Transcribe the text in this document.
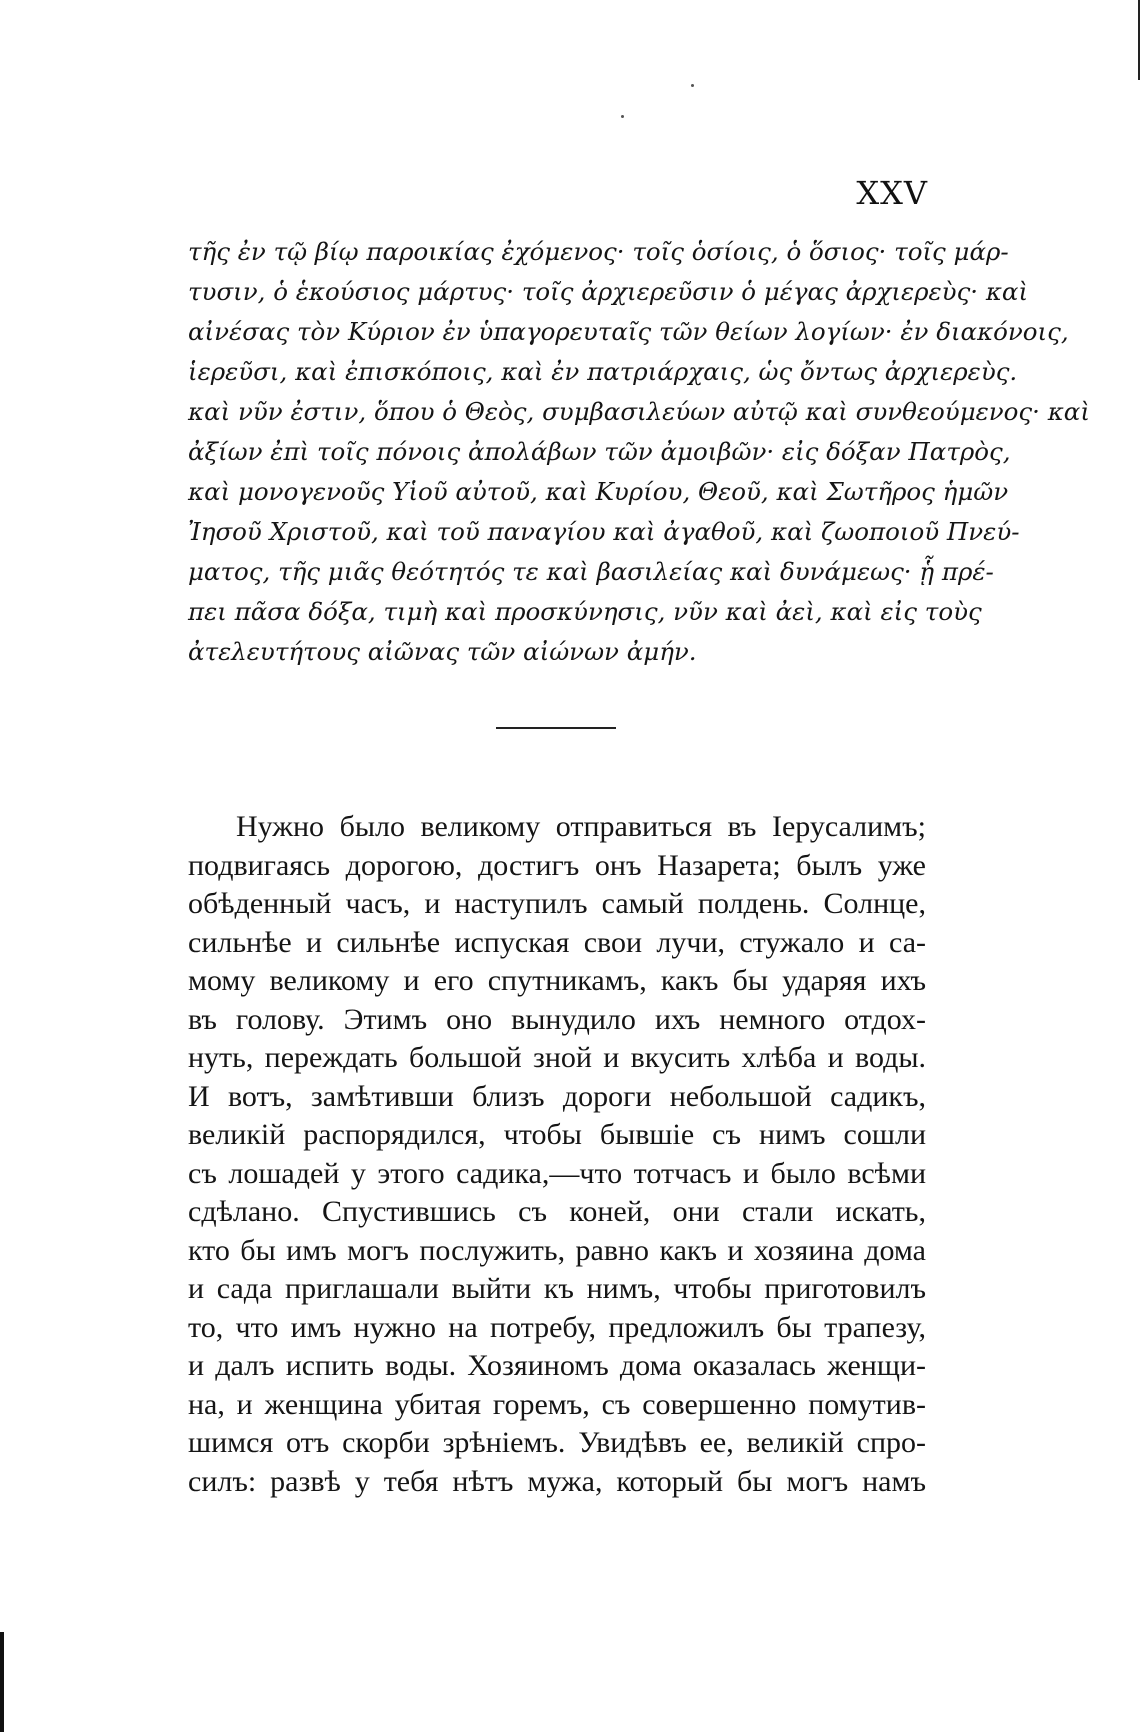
XXV
τῆς ἐν τῷ βίῳ παροικίας ἐχόμενος· τοῖς ὁσίοις, ὁ ὅσιος· τοῖς μάρ-
τυσιν, ὁ ἑκούσιος μάρτυς· τοῖς ἀρχιερεῦσιν ὁ μέγας ἀρχιερεὺς· καὶ
αἰνέσας τὸν Κύριον ἐν ὑπαγορευταῖς τῶν θείων λογίων· ἐν διακόνοις,
ἱερεῦσι, καὶ ἐπισκόποις, καὶ ἐν πατριάρχαις, ὡς ὄντως ἀρχιερεὺς.
καὶ νῦν ἐστιν, ὅπου ὁ Θεὸς, συμβασιλεύων αὐτῷ καὶ συνθεούμενος· καὶ
ἀξίων ἐπὶ τοῖς πόνοις ἀπολάβων τῶν ἀμοιβῶν· εἰς δόξαν Πατρὸς,
καὶ μονογενοῦς Υἱοῦ αὐτοῦ, καὶ Κυρίου, Θεοῦ, καὶ Σωτῆρος ἡμῶν
Ἰησοῦ Χριστοῦ, καὶ τοῦ παναγίου καὶ ἀγαθοῦ, καὶ ζωοποιοῦ Πνεύ-
ματος, τῆς μιᾶς θεότητός τε καὶ βασιλείας καὶ δυνάμεως· ᾗ πρέ-
πει πᾶσα δόξα, τιμὴ καὶ προσκύνησις, νῦν καὶ ἀεὶ, καὶ εἰς τοὺς
ἀτελευτήτους αἰῶνας τῶν αἰώνων ἀμήν.
Нужно было великому отправиться въ Іерусалимъ;
подвигаясь дорогою, достигъ онъ Назарета; былъ уже
обѣденный часъ, и наступилъ самый полдень. Солнце,
сильнѣе и сильнѣе испуская свои лучи, стужало и са-
мому великому и его спутникамъ, какъ бы ударяя ихъ
въ голову. Этимъ оно вынудило ихъ немного отдох-
нуть, переждать большой зной и вкусить хлѣба и воды.
И вотъ, замѣтивши близъ дороги небольшой садикъ,
великій распорядился, чтобы бывшіе съ нимъ сошли
съ лошадей у этого садика,—что тотчасъ и было всѣми
сдѣлано. Спустившись съ коней, они стали искать,
кто бы имъ могъ послужить, равно какъ и хозяина дома
и сада приглашали выйти къ нимъ, чтобы приготовилъ
то, что имъ нужно на потребу, предложилъ бы трапезу,
и далъ испить воды. Хозяиномъ дома оказалась женщи-
на, и женщина убитая горемъ, съ совершенно помутив-
шимся отъ скорби зрѣніемъ. Увидѣвъ ее, великій спро-
силъ: развѣ у тебя нѣтъ мужа, который бы могъ намъ
